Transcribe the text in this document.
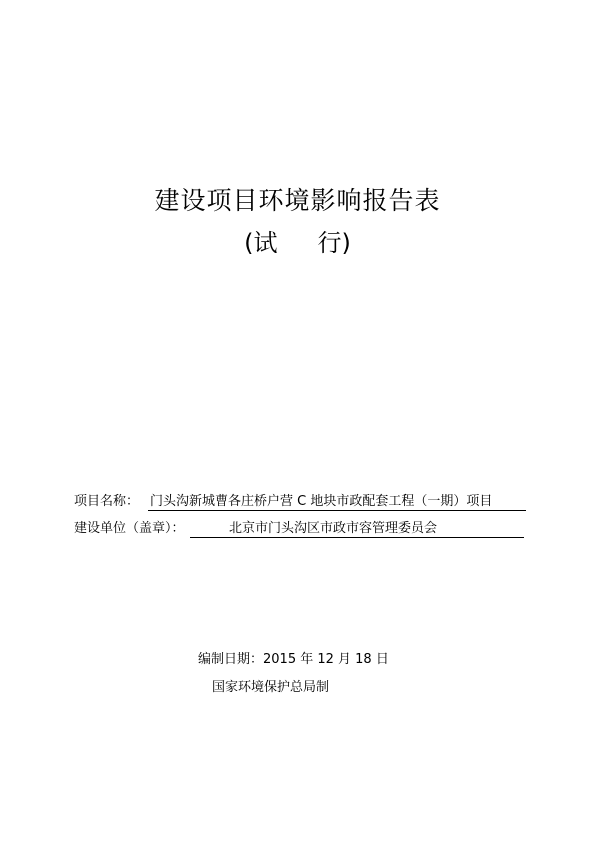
建设项目环境影响报告表
(试 行)
项目名称： 门头沟新城曹各庄桥户营 C 地块市政配套工程（一期）项目
建设单位（盖章）：	北京市门头沟区市政市容管理委员会
编制日期：2015 年 12 月 18 日
国家环境保护总局制
